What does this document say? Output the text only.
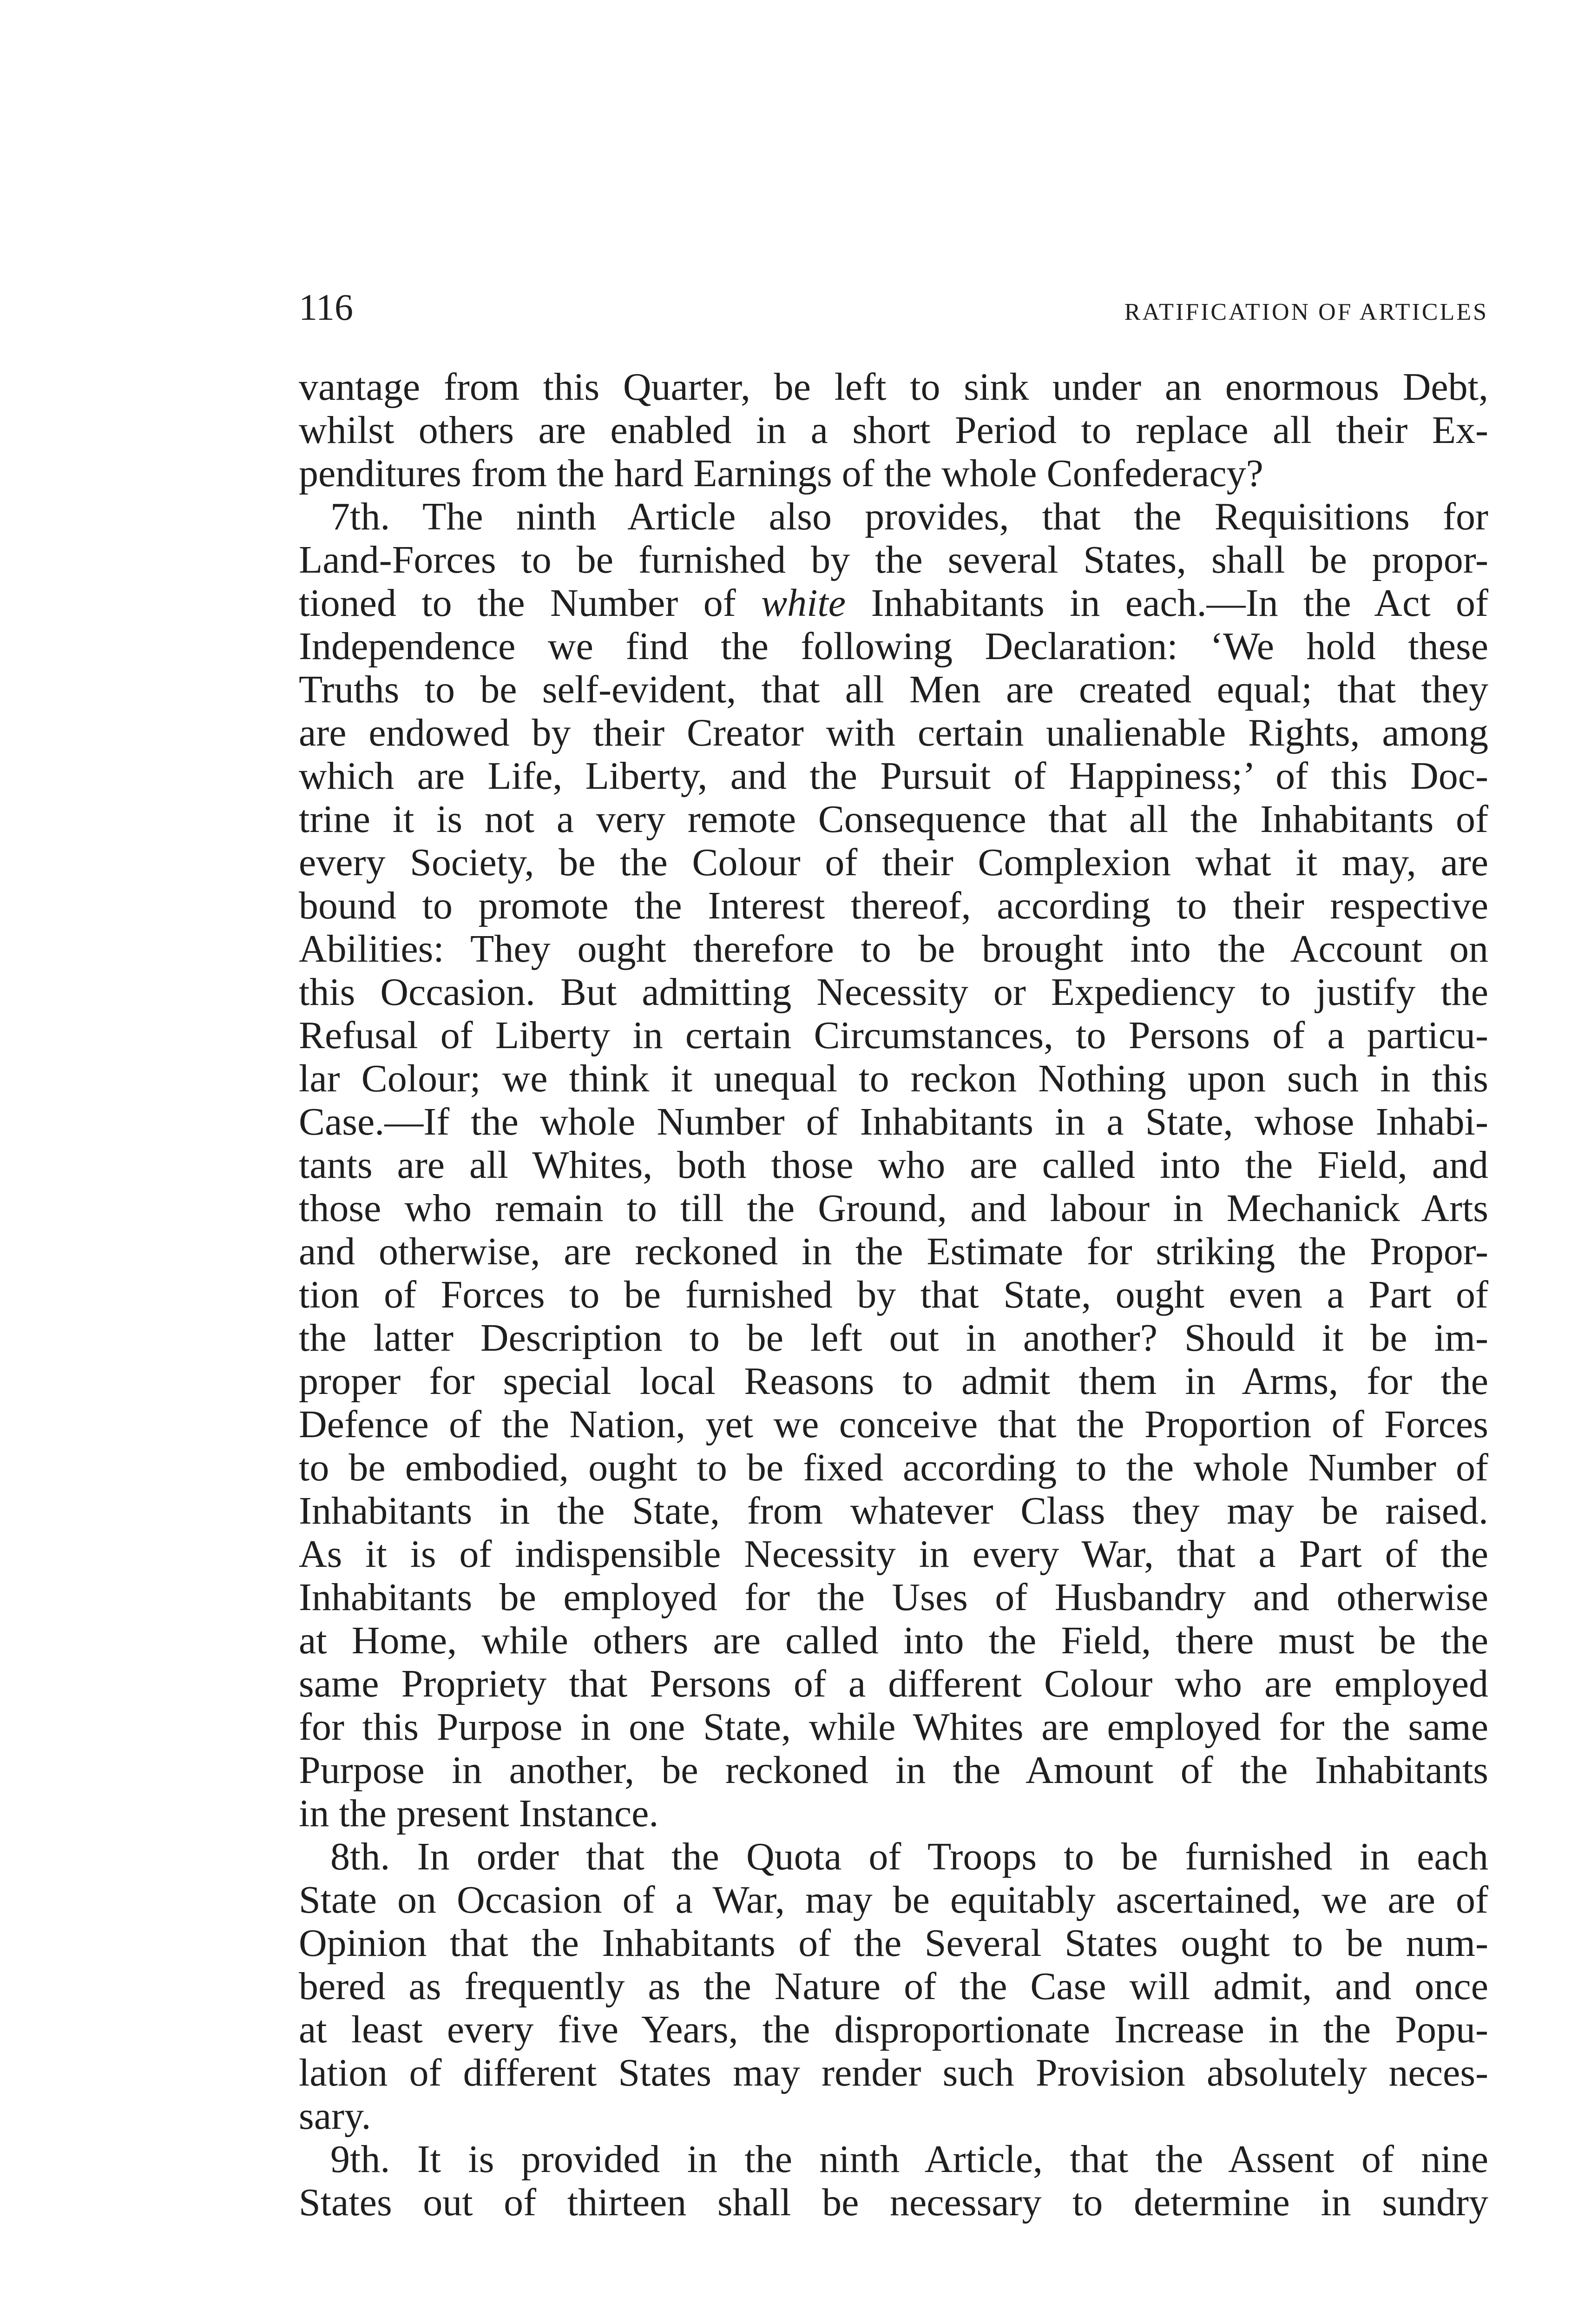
116	RATIFICATION OF ARTICLES
vantage from this Quarter, be left to sink under an enormous Debt,
whilst others are enabled in a short Period to replace all their Ex-
penditures from the hard Earnings of the whole Confederacy?
7th. The ninth Article also provides, that the Requisitions for
Land-Forces to be furnished by the several States, shall be propor-
tioned to the Number of white Inhabitants in each.—In the Act of
Independence we find the following Declaration: ‘We hold these
Truths to be self-evident, that all Men are created equal; that they
are endowed by their Creator with certain unalienable Rights, among
which are Life, Liberty, and the Pursuit of Happiness;’ of this Doc-
trine it is not a very remote Consequence that all the Inhabitants of
every Society, be the Colour of their Complexion what it may, are
bound to promote the Interest thereof, according to their respective
Abilities: They ought therefore to be brought into the Account on
this Occasion. But admitting Necessity or Expediency to justify the
Refusal of Liberty in certain Circumstances, to Persons of a particu-
lar Colour; we think it unequal to reckon Nothing upon such in this
Case.—If the whole Number of Inhabitants in a State, whose Inhabi-
tants are all Whites, both those who are called into the Field, and
those who remain to till the Ground, and labour in Mechanick Arts
and otherwise, are reckoned in the Estimate for striking the Propor-
tion of Forces to be furnished by that State, ought even a Part of
the latter Description to be left out in another? Should it be im-
proper for special local Reasons to admit them in Arms, for the
Defence of the Nation, yet we conceive that the Proportion of Forces
to be embodied, ought to be fixed according to the whole Number of
Inhabitants in the State, from whatever Class they may be raised.
As it is of indispensible Necessity in every War, that a Part of the
Inhabitants be employed for the Uses of Husbandry and otherwise
at Home, while others are called into the Field, there must be the
same Propriety that Persons of a different Colour who are employed
for this Purpose in one State, while Whites are employed for the same
Purpose in another, be reckoned in the Amount of the Inhabitants
in the present Instance.
8th. In order that the Quota of Troops to be furnished in each
State on Occasion of a War, may be equitably ascertained, we are of
Opinion that the Inhabitants of the Several States ought to be num-
bered as frequently as the Nature of the Case will admit, and once
at least every five Years, the disproportionate Increase in the Popu-
lation of different States may render such Provision absolutely neces-
sary.
9th. It is provided in the ninth Article, that the Assent of nine
States out of thirteen shall be necessary to determine in sundry
